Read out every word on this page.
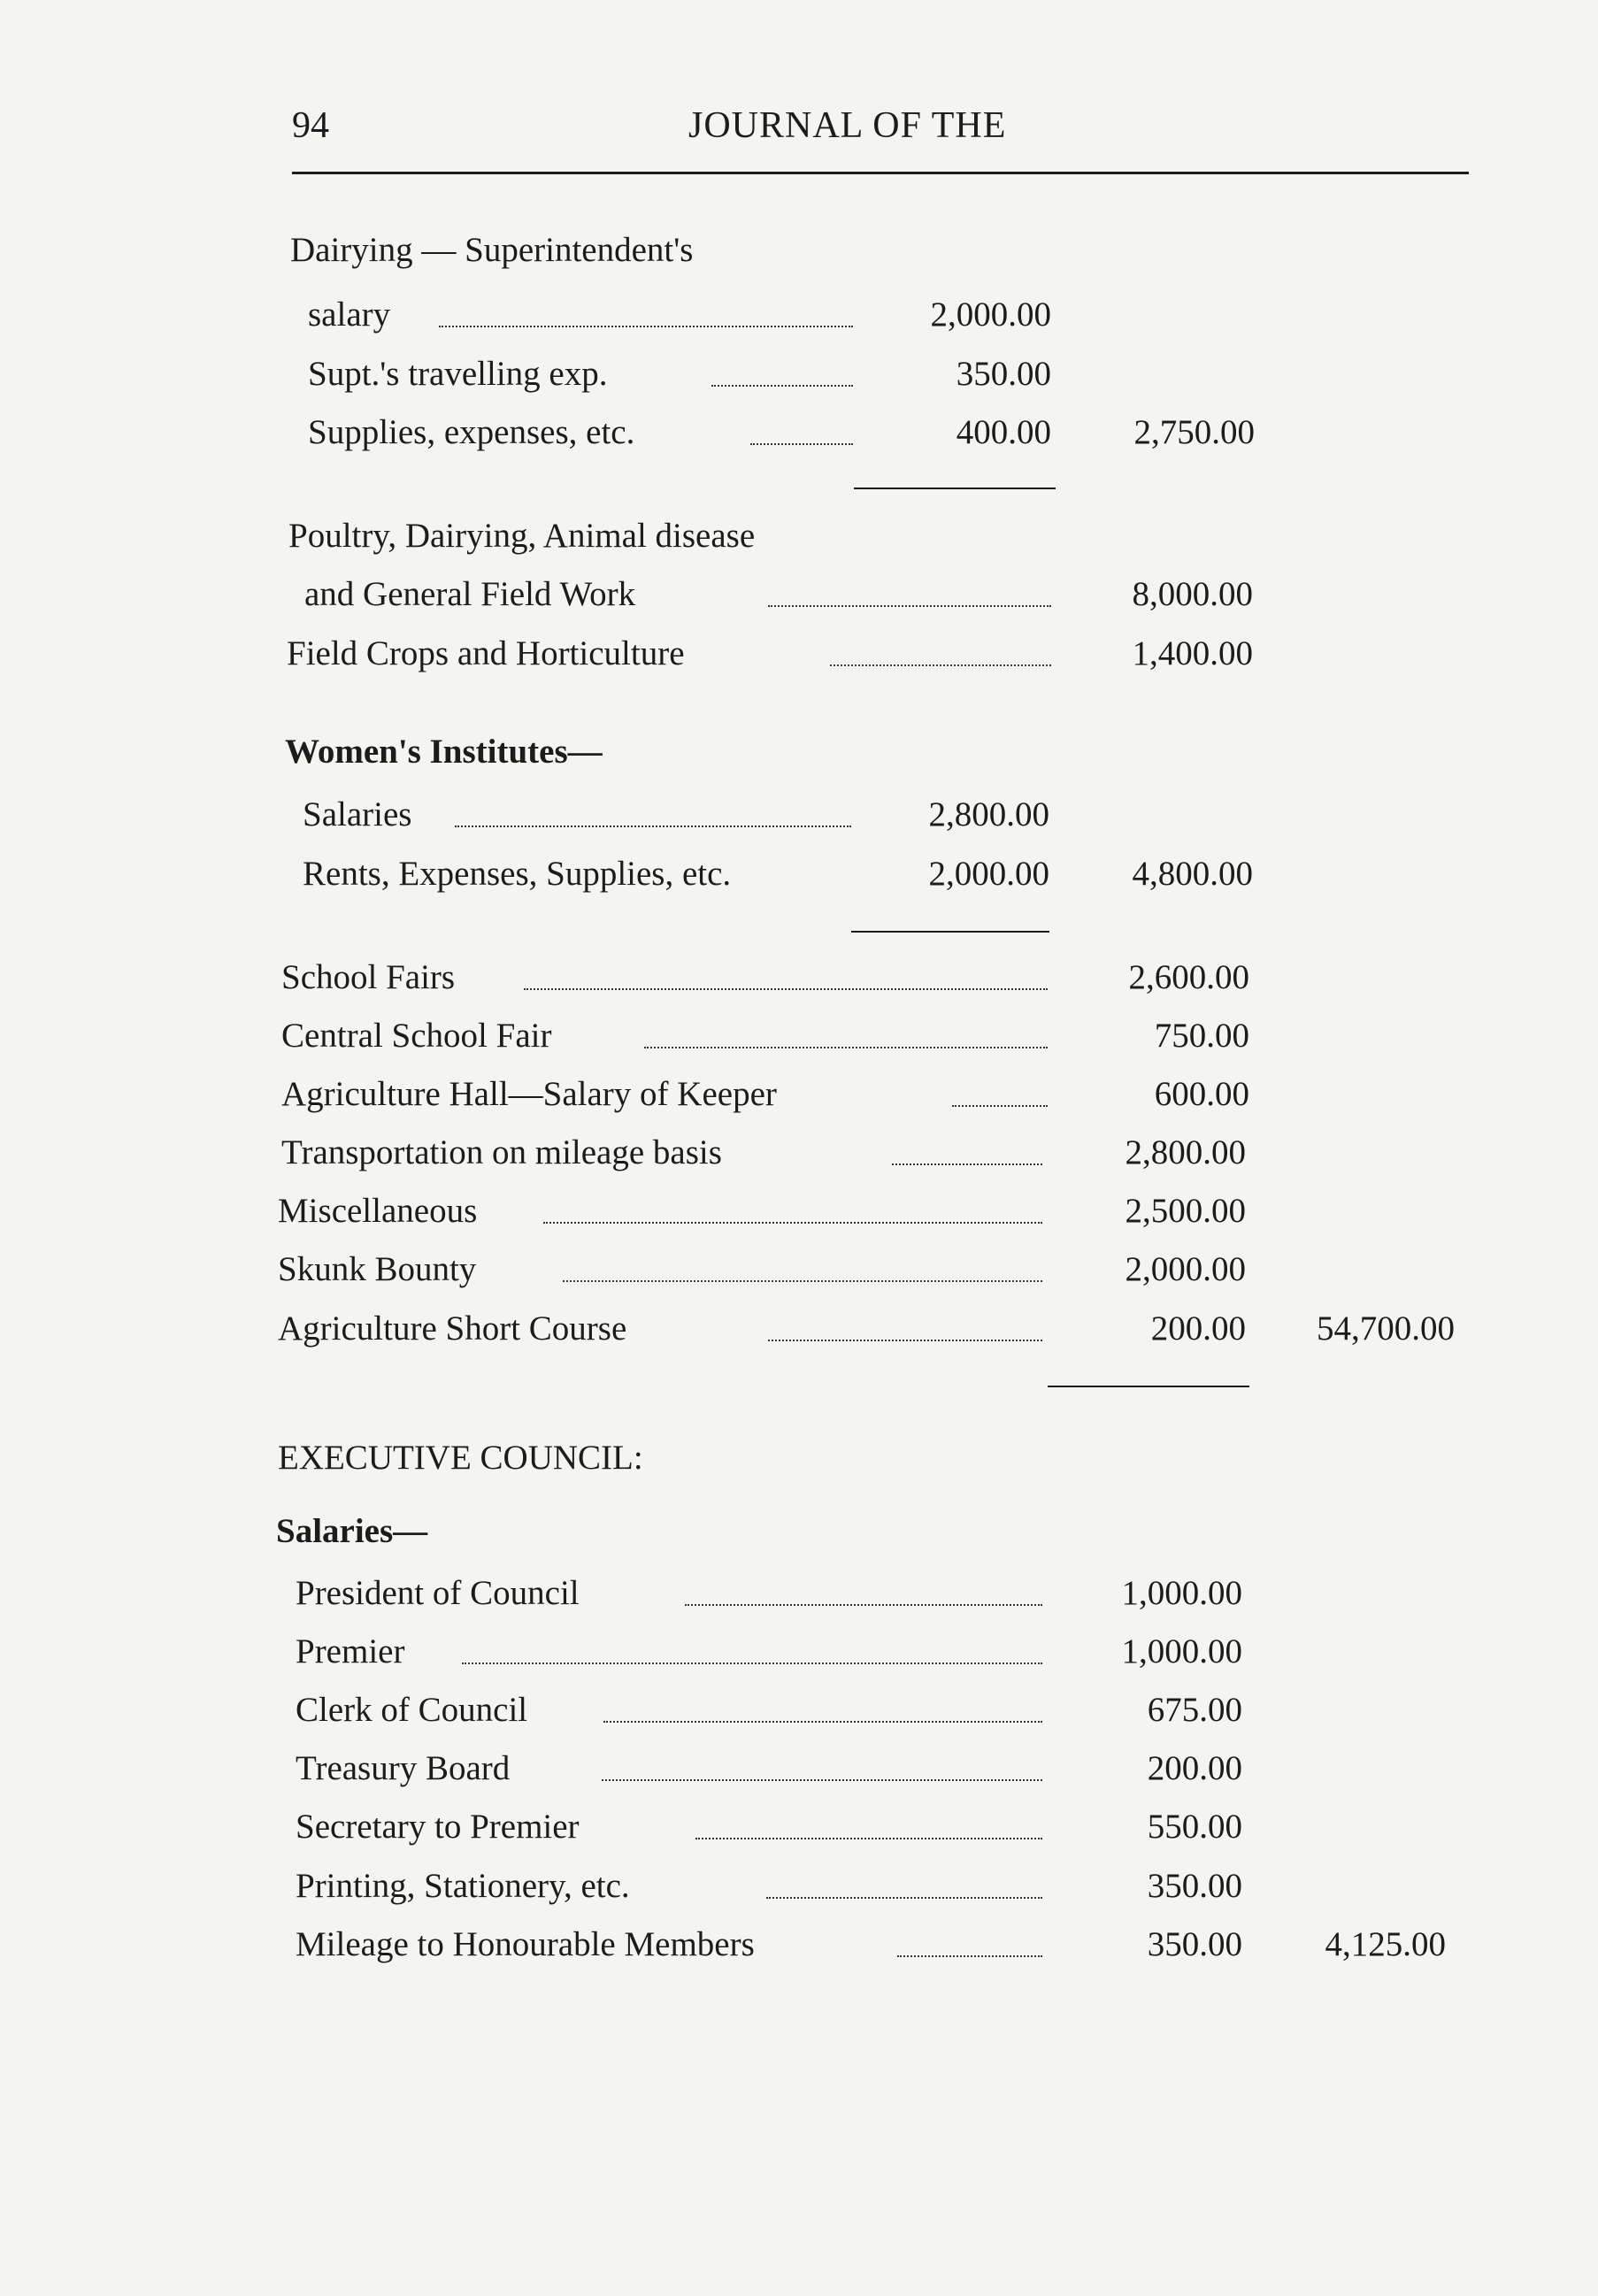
94	JOURNAL OF THE
Dairying — Superintendent's
salary	2,000.00
Supt.'s travelling exp.	350.00
Supplies, expenses, etc.	400.00	2,750.00
Poultry, Dairying, Animal disease
and General Field Work	8,000.00
Field Crops and Horticulture	1,400.00
Women's Institutes—
Salaries	2,800.00
Rents, Expenses, Supplies, etc.	2,000.00	4,800.00
School Fairs	2,600.00
Central School Fair	750.00
Agriculture Hall—Salary of Keeper	600.00
Transportation on mileage basis	2,800.00
Miscellaneous	2,500.00
Skunk Bounty	2,000.00
Agriculture Short Course	200.00	54,700.00
EXECUTIVE COUNCIL:
Salaries—
President of Council	1,000.00
Premier	1,000.00
Clerk of Council	675.00
Treasury Board	200.00
Secretary to Premier	550.00
Printing, Stationery, etc.	350.00
Mileage to Honourable Members	350.00	4,125.00
